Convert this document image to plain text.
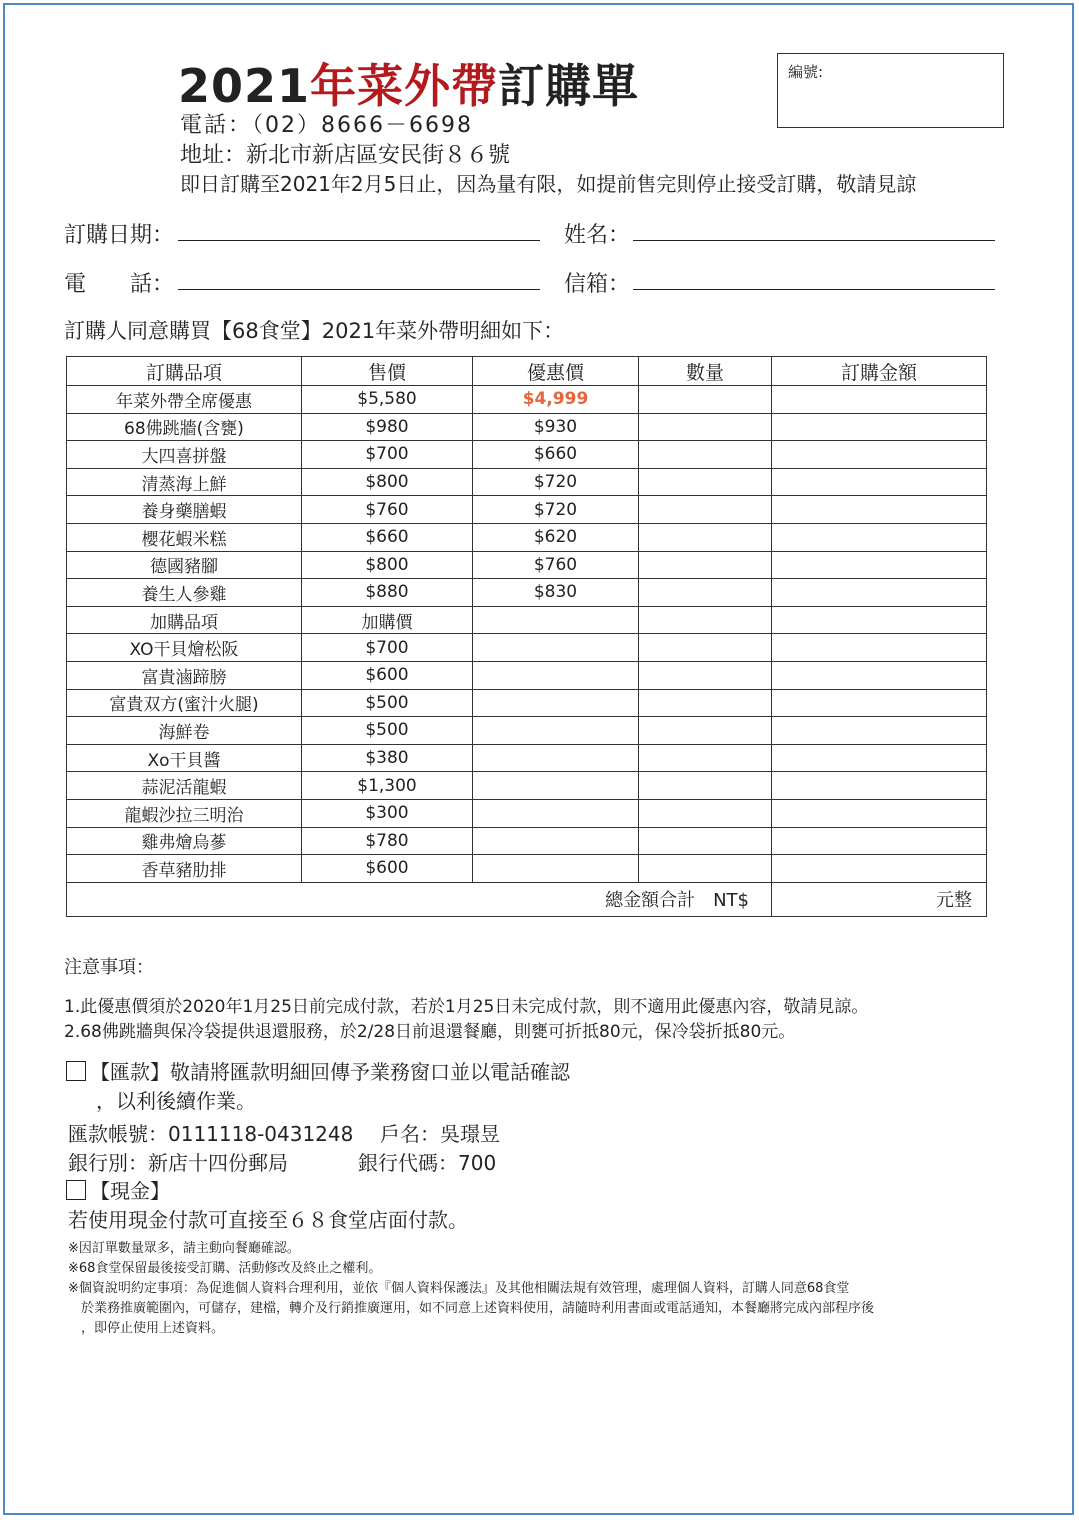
2021年菜外帶訂購單	編號:
電話：（02）8666－6698
地址：新北市新店區安民街８６號
即日訂購至2021年2月5日止，因為量有限，如提前售完則停止接受訂購，敬請見諒
訂購日期：	姓名：
電　　話：	信箱：
訂購人同意購買【68食堂】2021年菜外帶明細如下：
訂購品項	售價	優惠價	數量	訂購金額
年菜外帶全席優惠	$5,580	$4,999		
68佛跳牆(含甕)	$980	$930		
大四喜拼盤	$700	$660		
清蒸海上鮮	$800	$720		
養身藥膳蝦	$760	$720		
櫻花蝦米糕	$660	$620		
德國豬腳	$800	$760		
養生人參雞	$880	$830		
加購品項	加購價			
XO干貝燴松阪	$700			
富貴滷蹄膀	$600			
富貴双方(蜜汁火腿)	$500			
海鮮卷	$500			
Xo干貝醬	$380			
蒜泥活龍蝦	$1,300			
龍蝦沙拉三明治	$300			
雞弗燴烏蔘	$780			
香草豬肋排	$600			
總金額合計　NT$				元整
注意事項：
1.此優惠價須於2020年1月25日前完成付款，若於1月25日未完成付款，則不適用此優惠內容，敬請見諒。
2.68佛跳牆與保冷袋提供退還服務，於2/28日前退還餐廳，則甕可折抵80元，保冷袋折抵80元。
【匯款】敬請將匯款明細回傳予業務窗口並以電話確認
，以利後續作業。
匯款帳號：0111118-0431248 戶名：吳璟昱
銀行別：新店十四份郵局	銀行代碼：700
【現金】
若使用現金付款可直接至６８食堂店面付款。
※因訂單數量眾多，請主動向餐廳確認。
※68食堂保留最後接受訂購、活動修改及終止之權利。
※個資說明約定事項：為促進個人資料合理利用，並依『個人資料保護法』及其他相關法規有效管理，處理個人資料，訂購人同意68食堂
於業務推廣範圍內，可儲存，建檔，轉介及行銷推廣運用，如不同意上述資料使用，請隨時利用書面或電話通知，本餐廳將完成內部程序後
，即停止使用上述資料。
